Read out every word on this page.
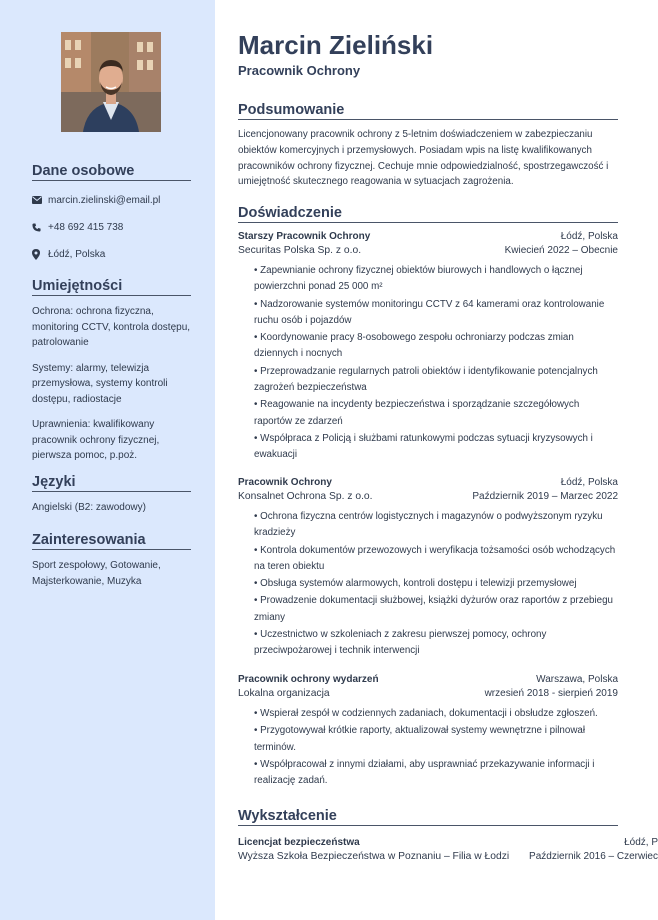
Dane osobowe
marcin.zielinski@email.pl
+48 692 415 738
Łódź, Polska
Umiejętności

Ochrona: ochrona fizyczna, monitoring CCTV, kontrola dostępu, patrolowanie

Systemy: alarmy, telewizja przemysłowa, systemy kontroli dostępu, radiostacje

Uprawnienia: kwalifikowany pracownik ochrony fizycznej, pierwsza pomoc, p.poż.

Języki

Angielski (B2: zawodowy)

Zainteresowania

Sport zespołowy, Gotowanie, Majsterkowanie, Muzyka

Marcin Zieliński
Pracownik Ochrony
Podsumowanie

Licencjonowany pracownik ochrony z 5-letnim doświadczeniem w zabezpieczaniu obiektów komercyjnych i przemysłowych. Posiadam wpis na listę kwalifikowanych pracowników ochrony fizycznej. Cechuje mnie odpowiedzialność, spostrzegawczość i umiejętność skutecznego reagowania w sytuacjach zagrożenia.

Doświadczenie
Starszy Pracownik Ochrony	Łódź, Polska
Securitas Polska Sp. z o.o.	Kwiecień 2022 – Obecnie

• Zapewnianie ochrony fizycznej obiektów biurowych i handlowych o łącznej powierzchni ponad 25 000 m²

• Nadzorowanie systemów monitoringu CCTV z 64 kamerami oraz kontrolowanie ruchu osób i pojazdów

• Koordynowanie pracy 8-osobowego zespołu ochroniarzy podczas zmian dziennych i nocnych

• Przeprowadzanie regularnych patroli obiektów i identyfikowanie potencjalnych zagrożeń bezpieczeństwa

• Reagowanie na incydenty bezpieczeństwa i sporządzanie szczegółowych raportów ze zdarzeń

• Współpraca z Policją i służbami ratunkowymi podczas sytuacji kryzysowych i ewakuacji

Pracownik Ochrony	Łódź, Polska
Konsalnet Ochrona Sp. z o.o.	Październik 2019 – Marzec 2022

• Ochrona fizyczna centrów logistycznych i magazynów o podwyższonym ryzyku kradzieży

• Kontrola dokumentów przewozowych i weryfikacja tożsamości osób wchodzących na teren obiektu

• Obsługa systemów alarmowych, kontroli dostępu i telewizji przemysłowej

• Prowadzenie dokumentacji służbowej, książki dyżurów oraz raportów z przebiegu zmiany

• Uczestnictwo w szkoleniach z zakresu pierwszej pomocy, ochrony przeciwpożarowej i technik interwencji

Pracownik ochrony wydarzeń	Warszawa, Polska
Lokalna organizacja	wrzesień 2018 - sierpień 2019

• Wspierał zespół w codziennych zadaniach, dokumentacji i obsłudze zgłoszeń.

• Przygotowywał krótkie raporty, aktualizował systemy wewnętrzne i pilnował terminów.

• Współpracował z innymi działami, aby usprawniać przekazywanie informacji i realizację zadań.

Wykształcenie
Licencjat bezpieczeństwa	Łódź, P
Wyższa Szkoła Bezpieczeństwa w Poznaniu – Filia w Łodzi Październik 2016 – Czerwiec
